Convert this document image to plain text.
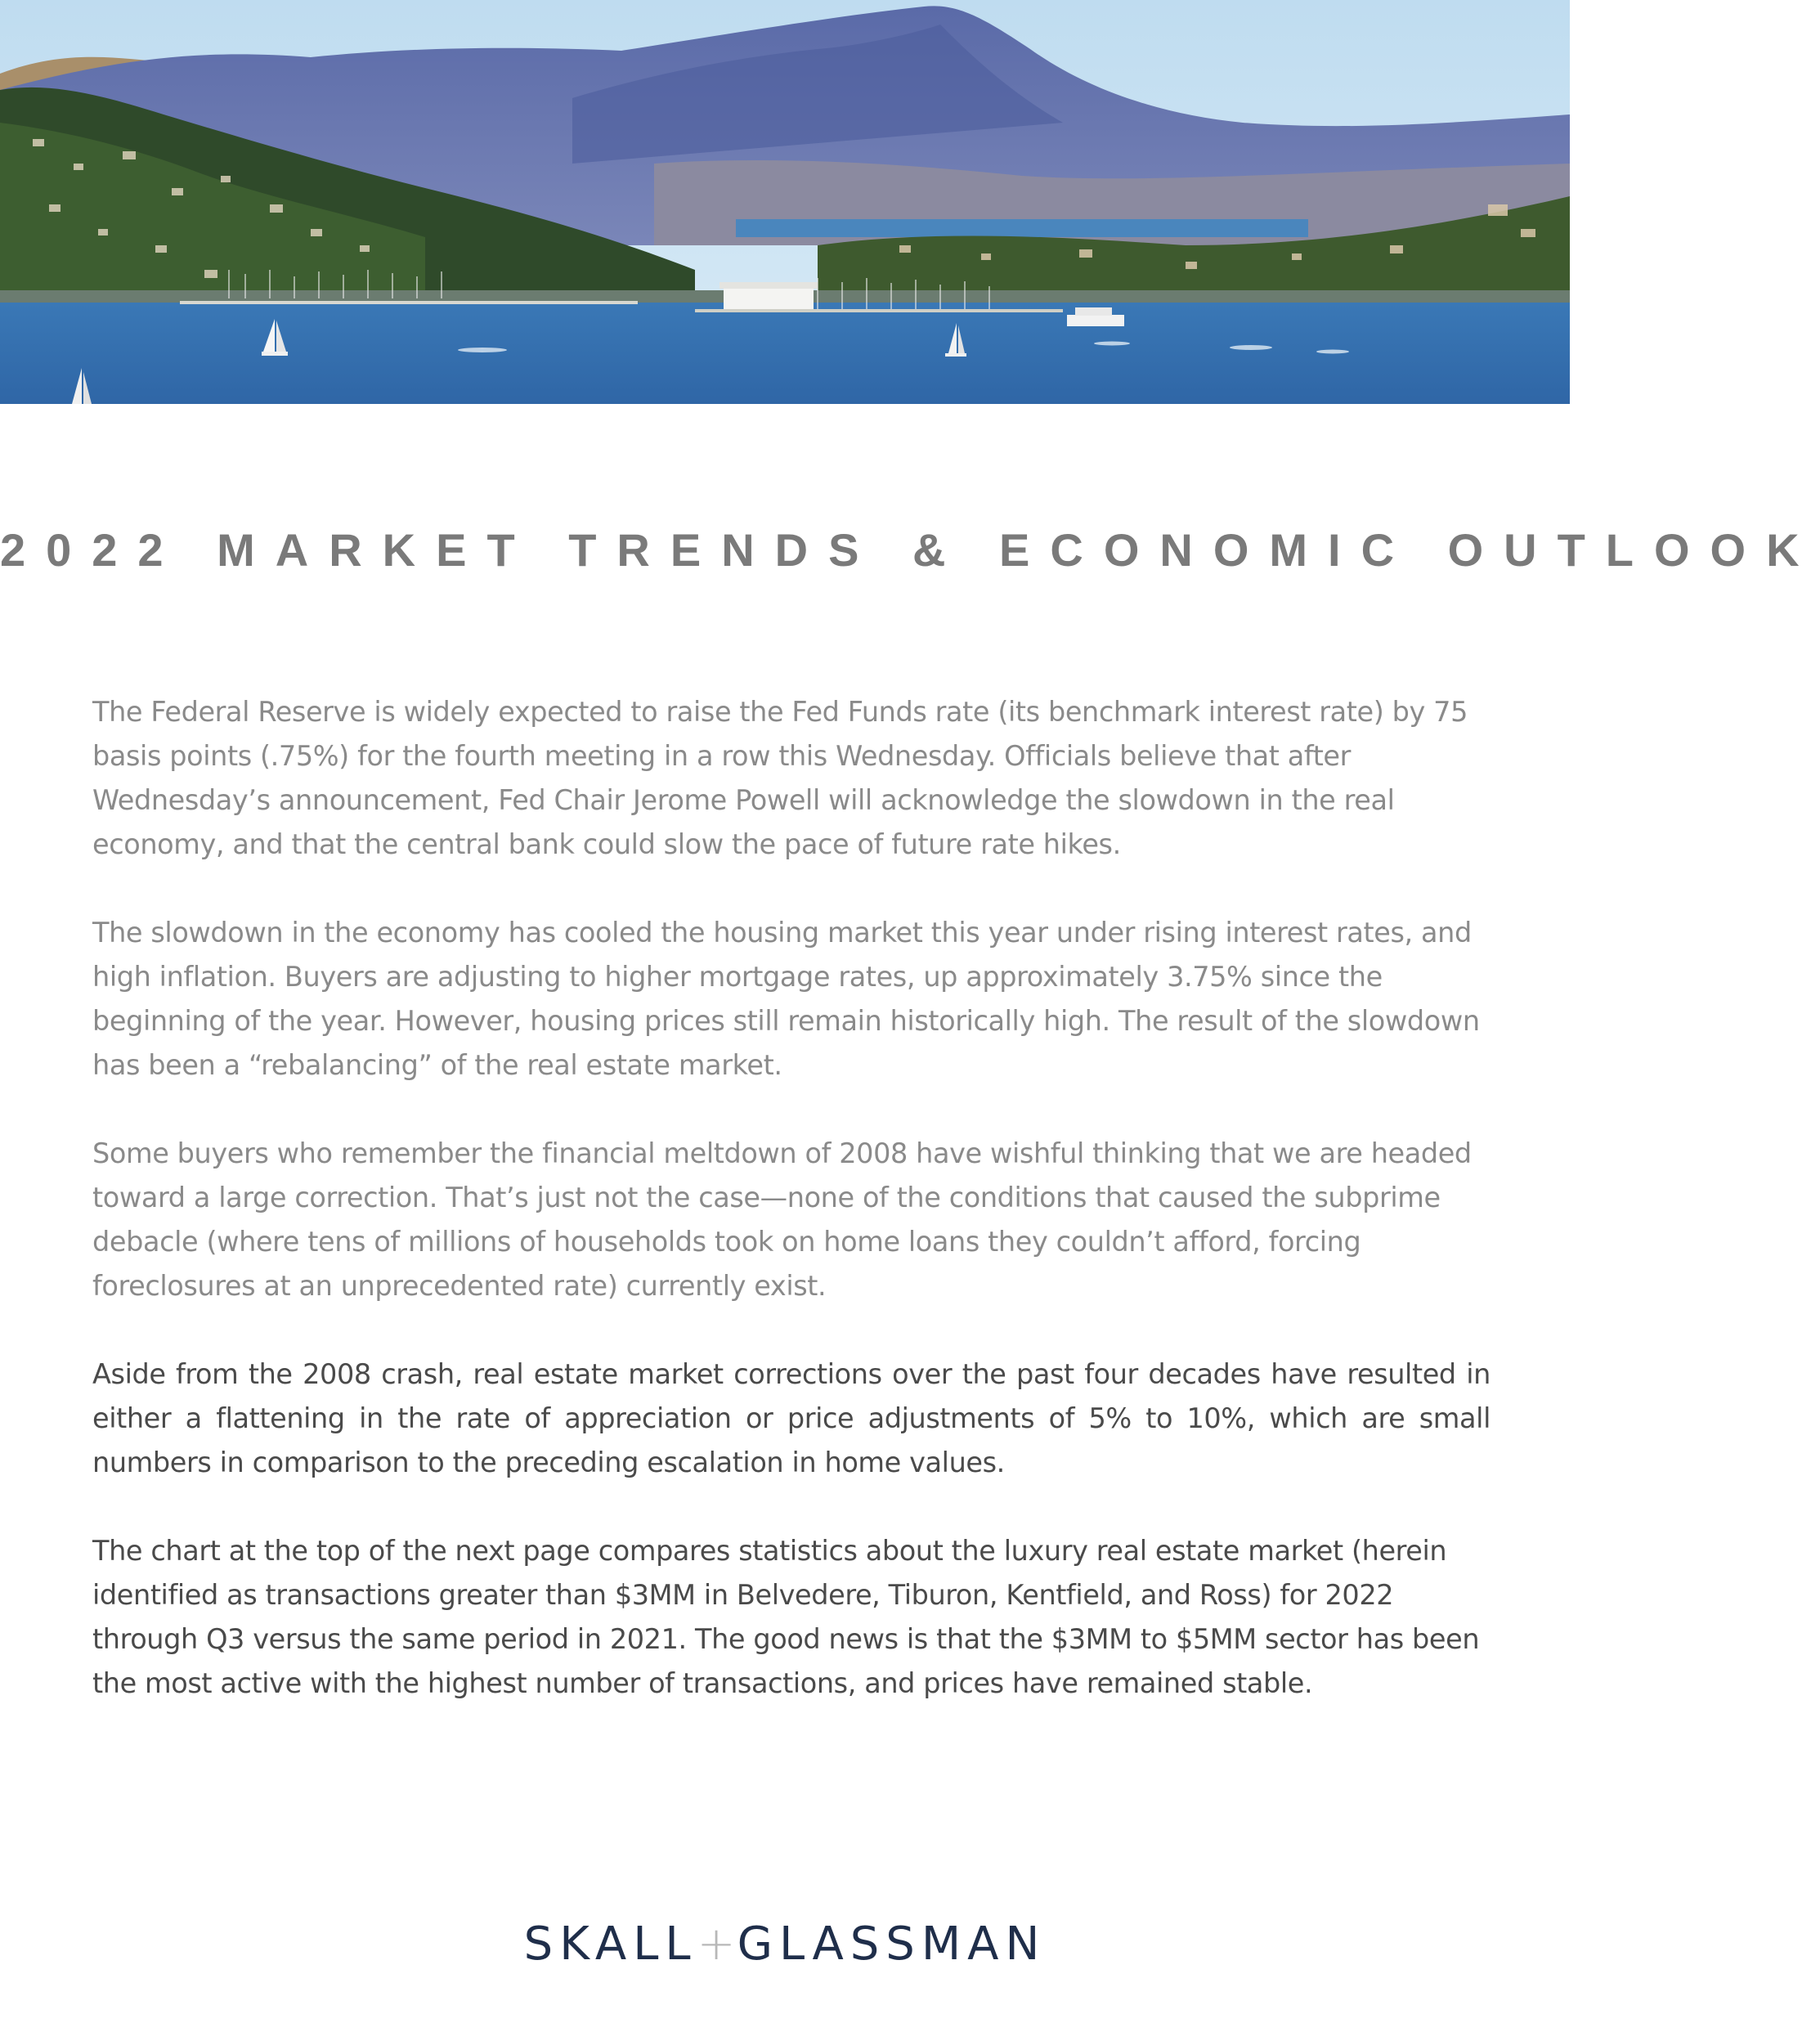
2022 MARKET TRENDS & ECONOMIC OUTLOOK

The Federal Reserve is widely expected to raise the Fed Funds rate (its benchmark interest rate) by 75 basis points (.75%) for the fourth meeting in a row this Wednesday. Officials believe that after Wednesday’s announcement, Fed Chair Jerome Powell will acknowledge the slowdown in the real economy, and that the central bank could slow the pace of future rate hikes.

The slowdown in the economy has cooled the housing market this year under rising interest rates, and high inflation. Buyers are adjusting to higher mortgage rates, up approximately 3.75% since the beginning of the year. However, housing prices still remain historically high. The result of the slowdown has been a “rebalancing” of the real estate market.

Some buyers who remember the financial meltdown of 2008 have wishful thinking that we are headed toward a large correction. That’s just not the case—none of the conditions that caused the subprime debacle (where tens of millions of households took on home loans they couldn’t afford, forcing foreclosures at an unprecedented rate) currently exist.

Aside from the 2008 crash, real estate market corrections over the past four decades have resulted in either a flattening in the rate of appreciation or price adjustments of 5% to 10%, which are small numbers in comparison to the preceding escalation in home values.

The chart at the top of the next page compares statistics about the luxury real estate market (herein identified as transactions greater than $3MM in Belvedere, Tiburon, Kentfield, and Ross) for 2022 through Q3 versus the same period in 2021. The good news is that the $3MM to $5MM sector has been the most active with the highest number of transactions, and prices have remained stable.

SKALL+GLASSMAN
